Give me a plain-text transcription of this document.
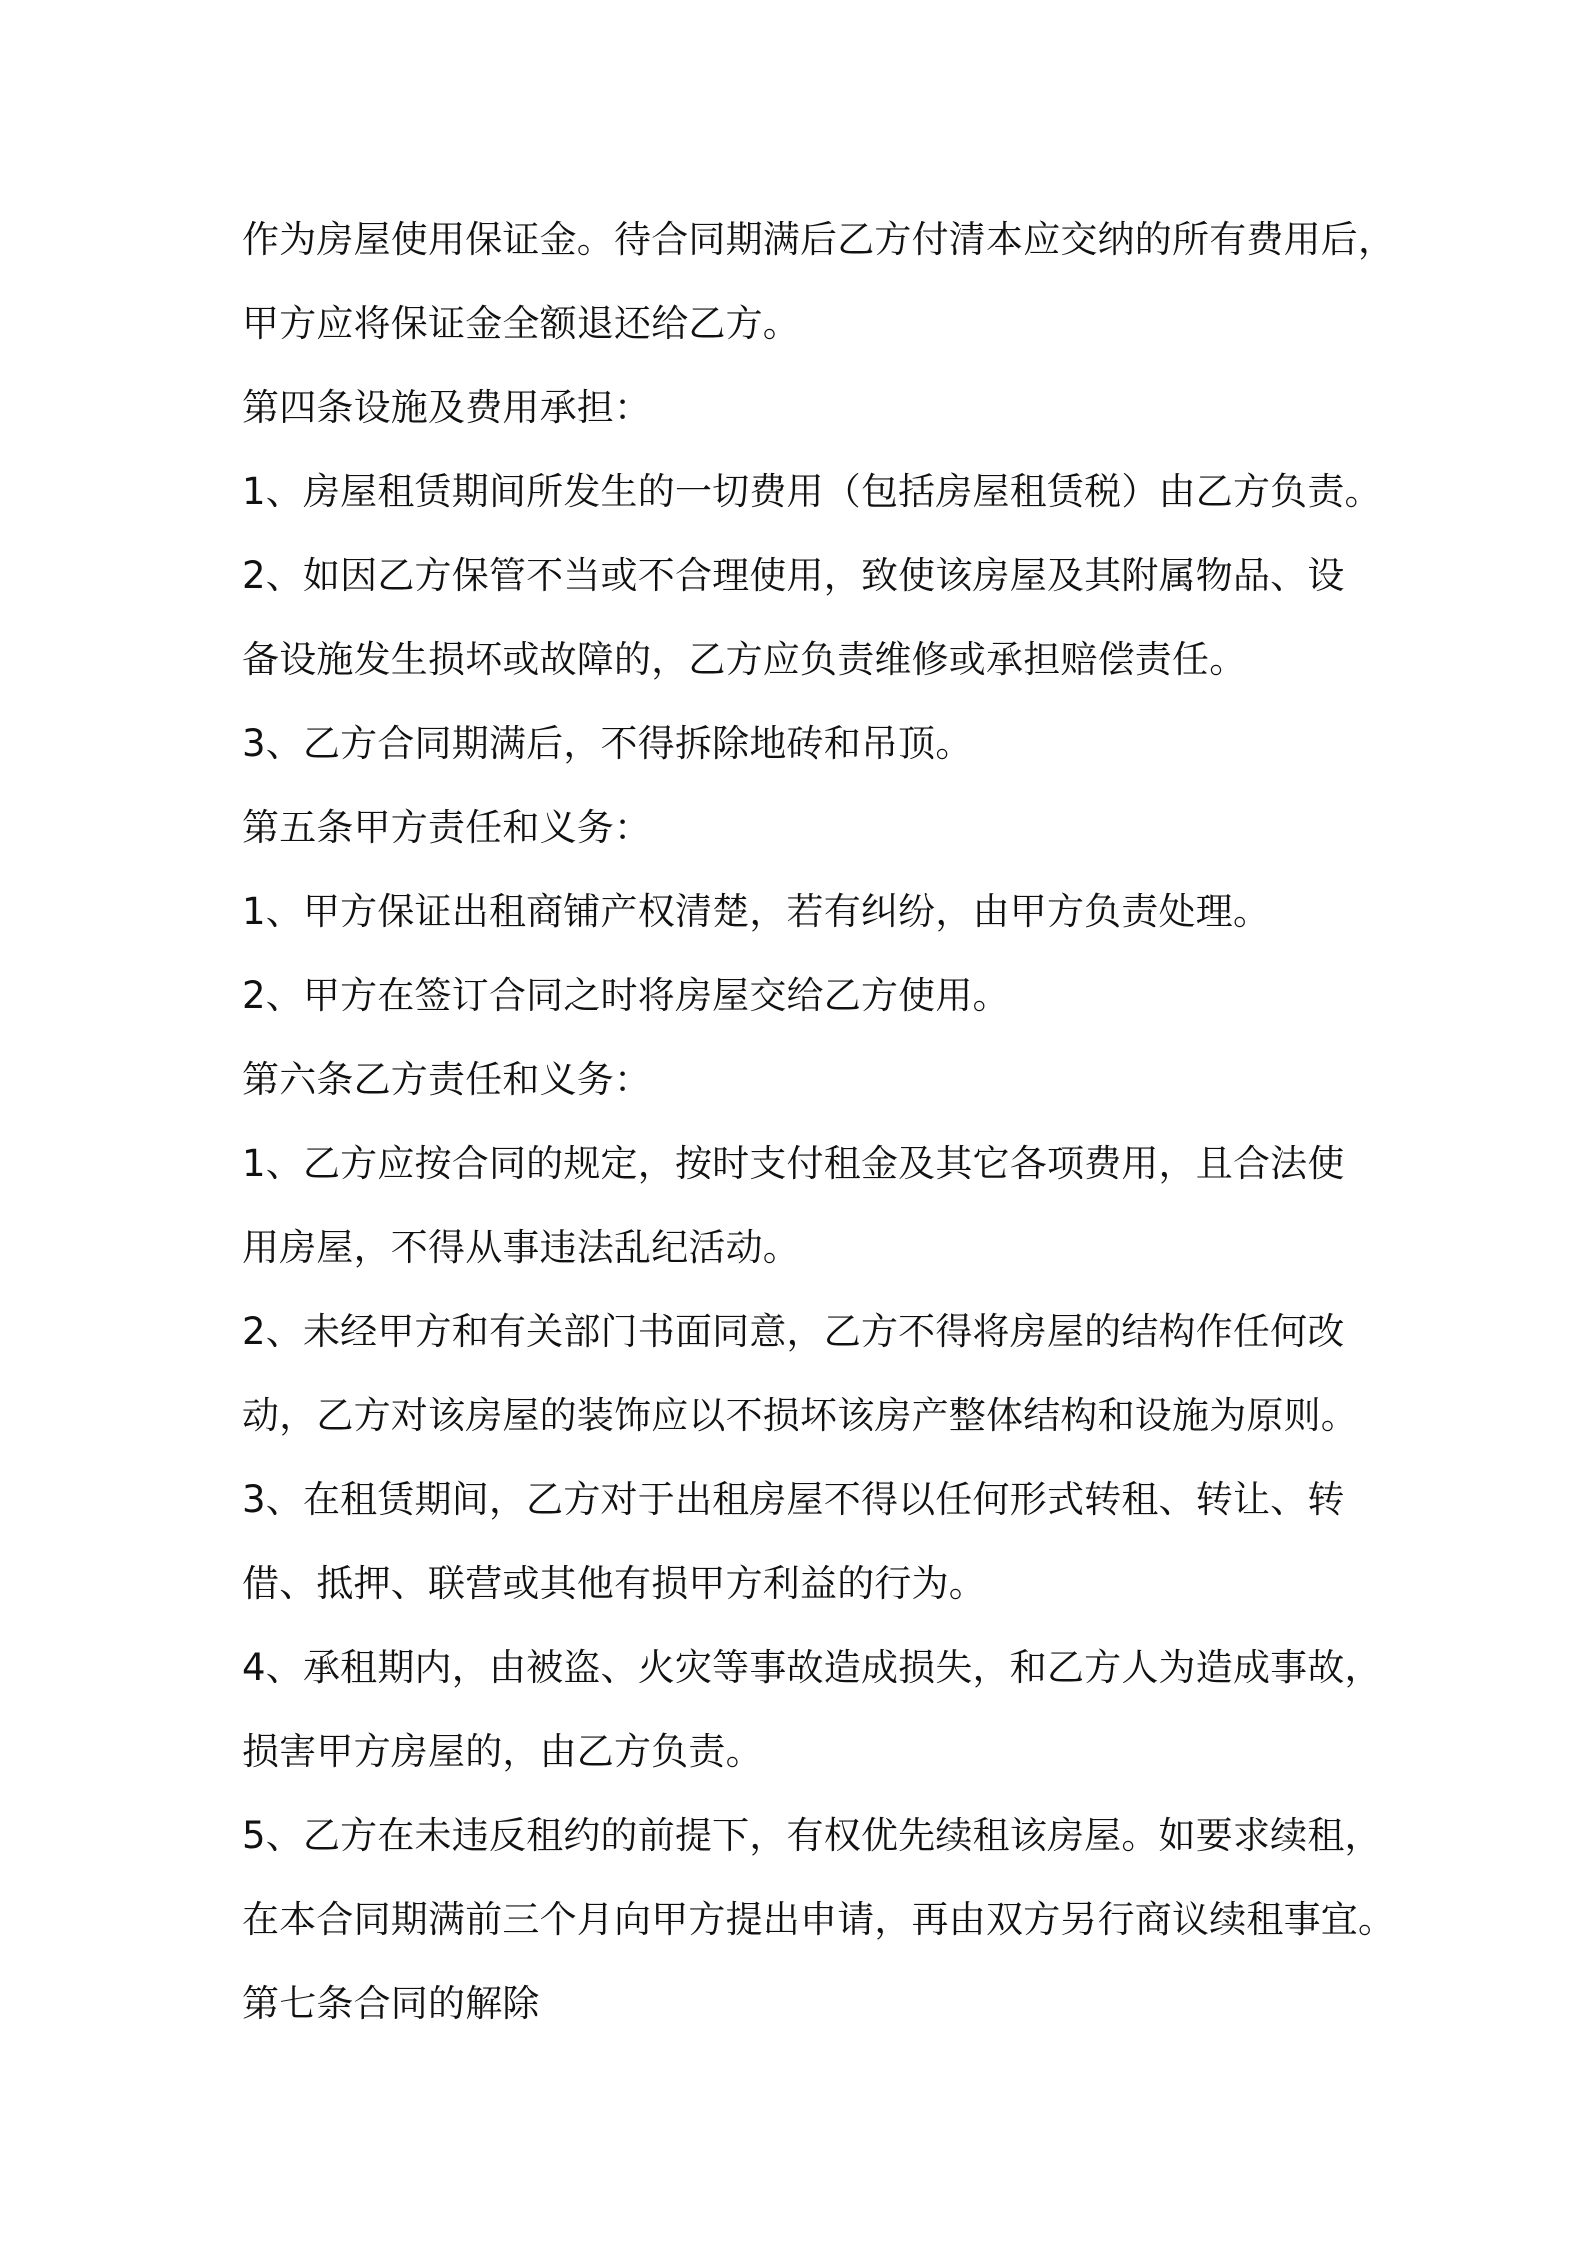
作为房屋使用保证金。待合同期满后乙方付清本应交纳的所有费用后，
甲方应将保证金全额退还给乙方。
第四条设施及费用承担：
1、房屋租赁期间所发生的一切费用（包括房屋租赁税）由乙方负责。
2、如因乙方保管不当或不合理使用，致使该房屋及其附属物品、设
备设施发生损坏或故障的，乙方应负责维修或承担赔偿责任。
3、乙方合同期满后，不得拆除地砖和吊顶。
第五条甲方责任和义务：
1、甲方保证出租商铺产权清楚，若有纠纷，由甲方负责处理。
2、甲方在签订合同之时将房屋交给乙方使用。
第六条乙方责任和义务：
1、乙方应按合同的规定，按时支付租金及其它各项费用，且合法使
用房屋，不得从事违法乱纪活动。
2、未经甲方和有关部门书面同意，乙方不得将房屋的结构作任何改
动，乙方对该房屋的装饰应以不损坏该房产整体结构和设施为原则。
3、在租赁期间，乙方对于出租房屋不得以任何形式转租、转让、转
借、抵押、联营或其他有损甲方利益的行为。
4、承租期内，由被盗、火灾等事故造成损失，和乙方人为造成事故，
损害甲方房屋的，由乙方负责。
5、乙方在未违反租约的前提下，有权优先续租该房屋。如要求续租，
在本合同期满前三个月向甲方提出申请，再由双方另行商议续租事宜。
第七条合同的解除
